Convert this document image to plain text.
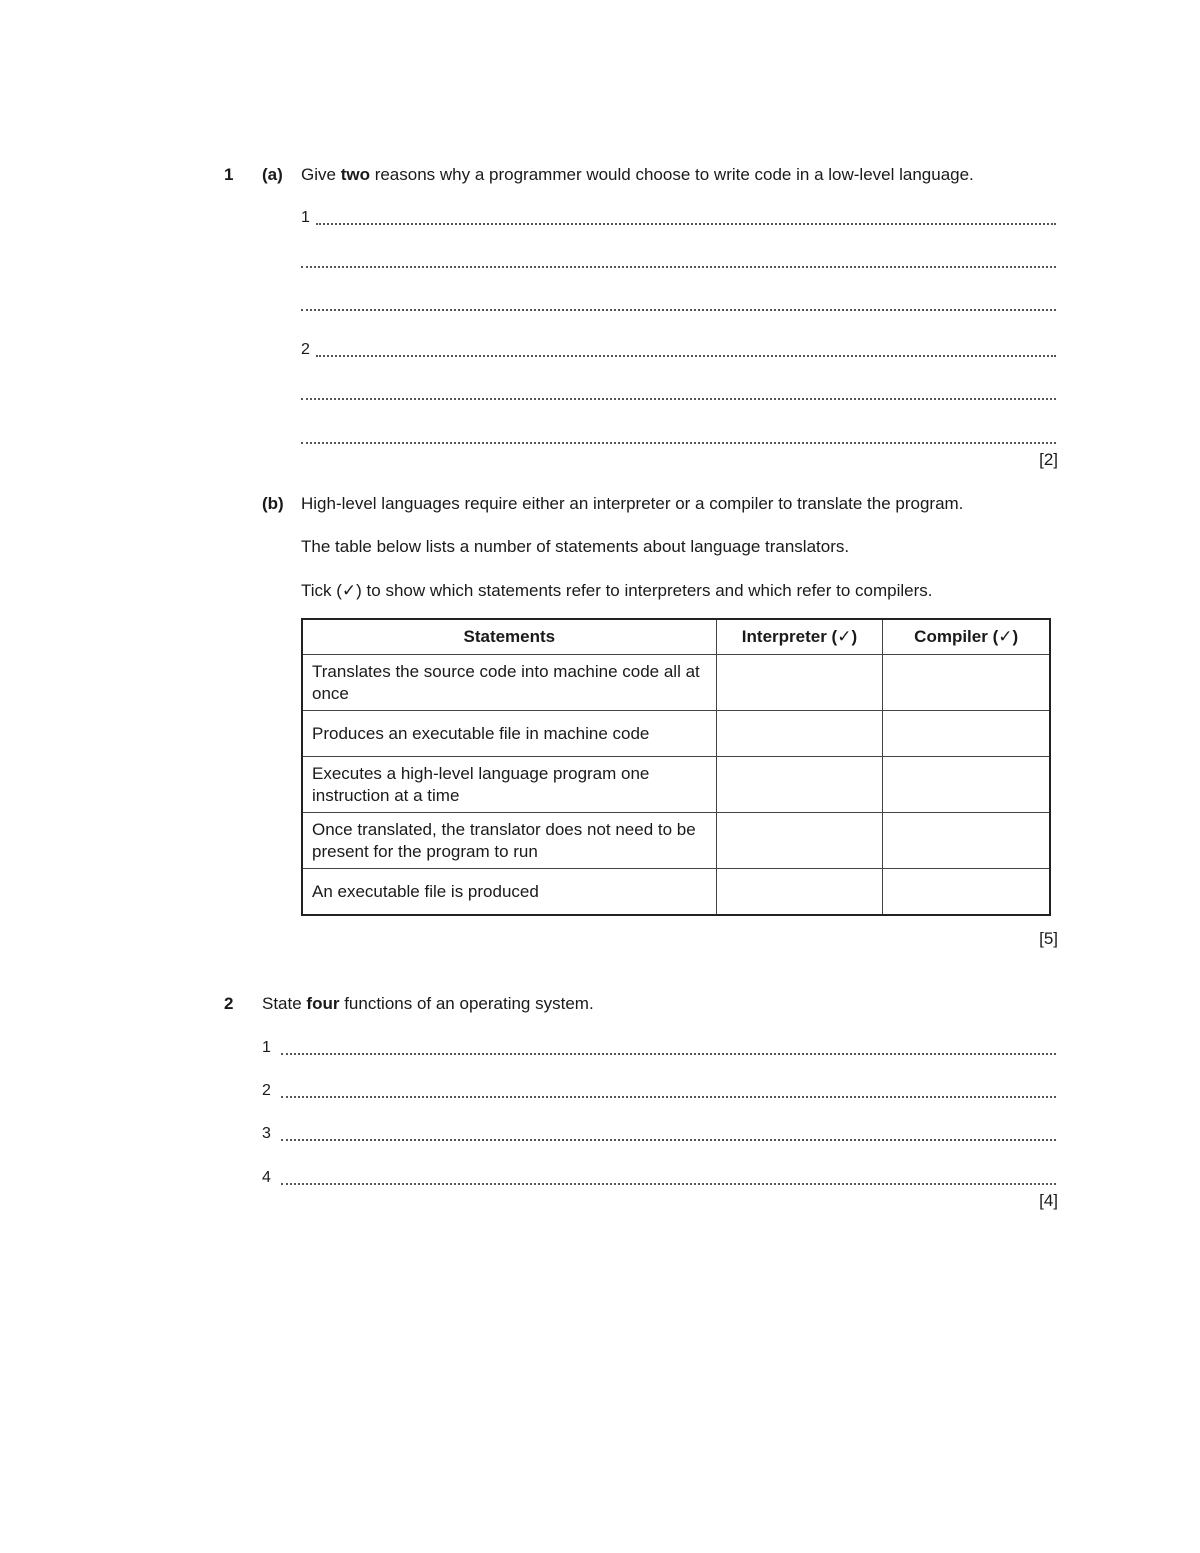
1 (a) Give two reasons why a programmer would choose to write code in a low-level language.
1
2
[2]
(b) High-level languages require either an interpreter or a compiler to translate the program.
The table below lists a number of statements about language translators.
Tick (✓) to show which statements refer to interpreters and which refer to compilers.
Statements	Interpreter (✓)	Compiler (✓)
Translates the source code into machine code all at once		
Produces an executable file in machine code		
Executes a high-level language program one instruction at a time		
Once translated, the translator does not need to be present for the program to run		
An executable file is produced		
[5]
2 State four functions of an operating system.
1
2
3
4
[4]
